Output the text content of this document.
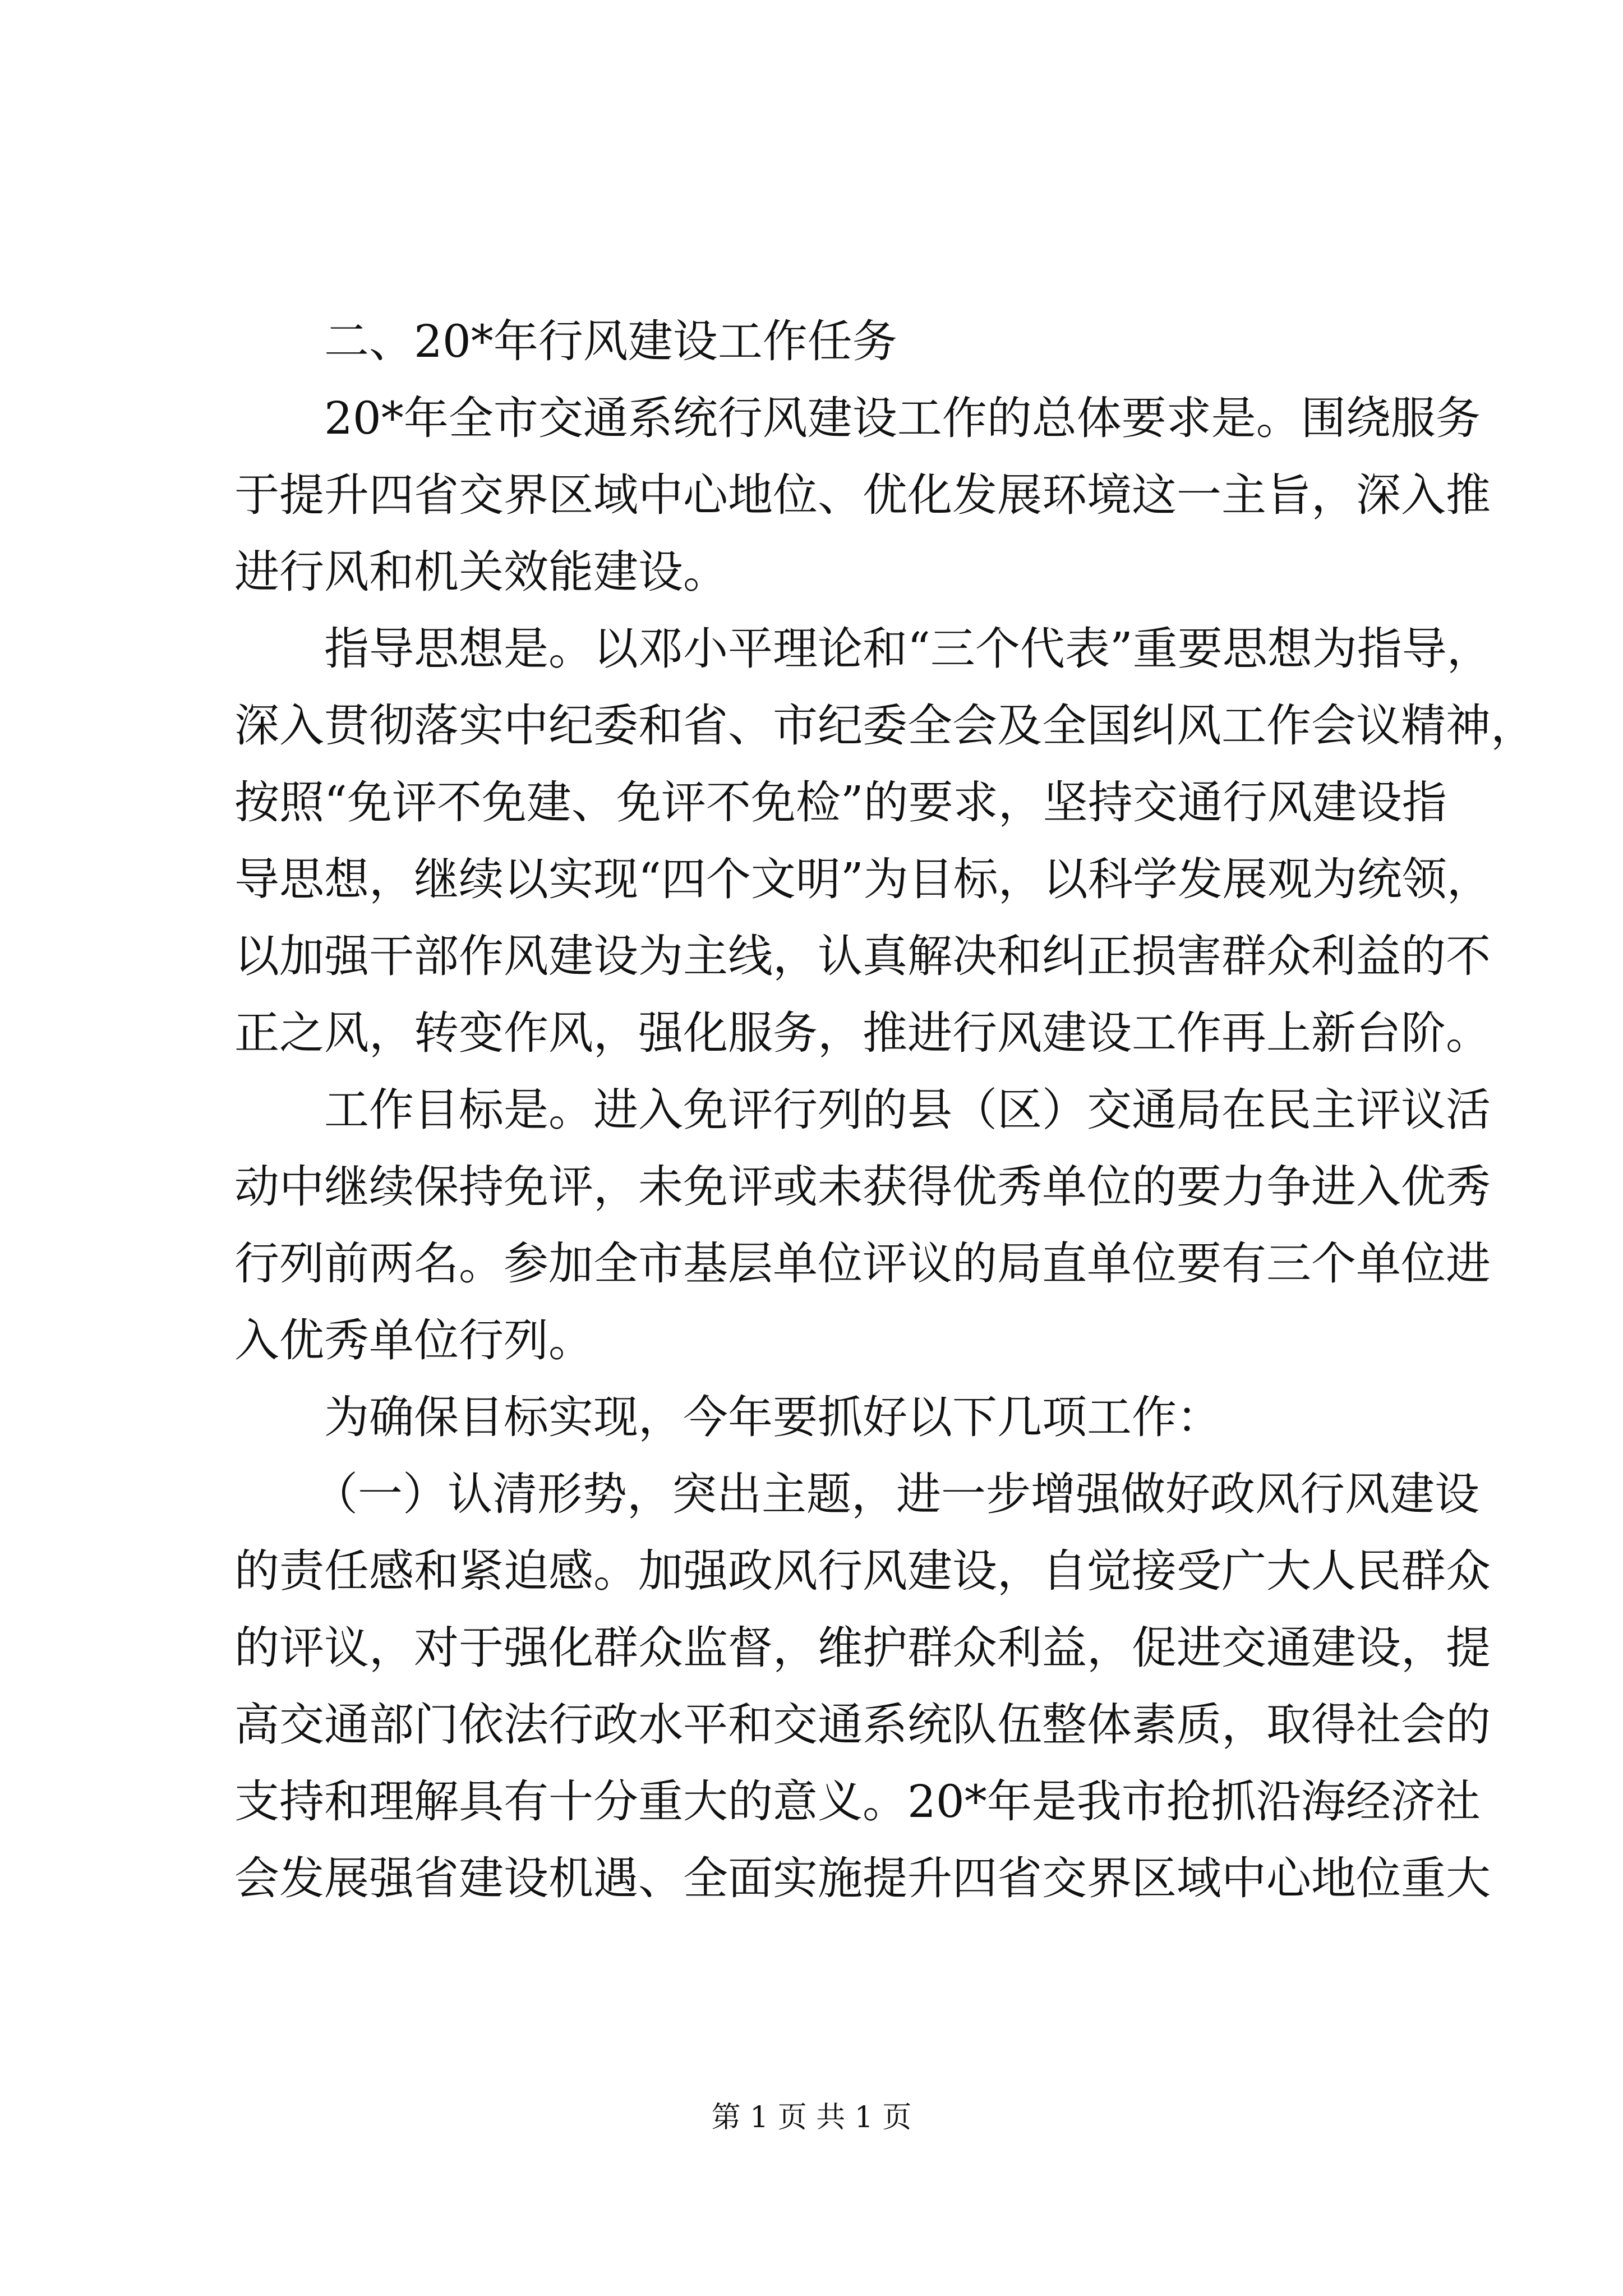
二、20*年行风建设工作任务
20*年全市交通系统行风建设工作的总体要求是。围绕服务
于提升四省交界区域中心地位、优化发展环境这一主旨，深入推
进行风和机关效能建设。
指导思想是。以邓小平理论和“三个代表”重要思想为指导，
深入贯彻落实中纪委和省、市纪委全会及全国纠风工作会议精神，
按照“免评不免建、免评不免检”的要求，坚持交通行风建设指
导思想，继续以实现“四个文明”为目标，以科学发展观为统领，
以加强干部作风建设为主线，认真解决和纠正损害群众利益的不
正之风，转变作风，强化服务，推进行风建设工作再上新台阶。
工作目标是。进入免评行列的县（区）交通局在民主评议活
动中继续保持免评，未免评或未获得优秀单位的要力争进入优秀
行列前两名。参加全市基层单位评议的局直单位要有三个单位进
入优秀单位行列。
为确保目标实现，今年要抓好以下几项工作：
（一）认清形势，突出主题，进一步增强做好政风行风建设
的责任感和紧迫感。加强政风行风建设，自觉接受广大人民群众
的评议，对于强化群众监督，维护群众利益，促进交通建设，提
高交通部门依法行政水平和交通系统队伍整体素质，取得社会的
支持和理解具有十分重大的意义。20*年是我市抢抓沿海经济社
会发展强省建设机遇、全面实施提升四省交界区域中心地位重大
第 1 页 共 1 页
